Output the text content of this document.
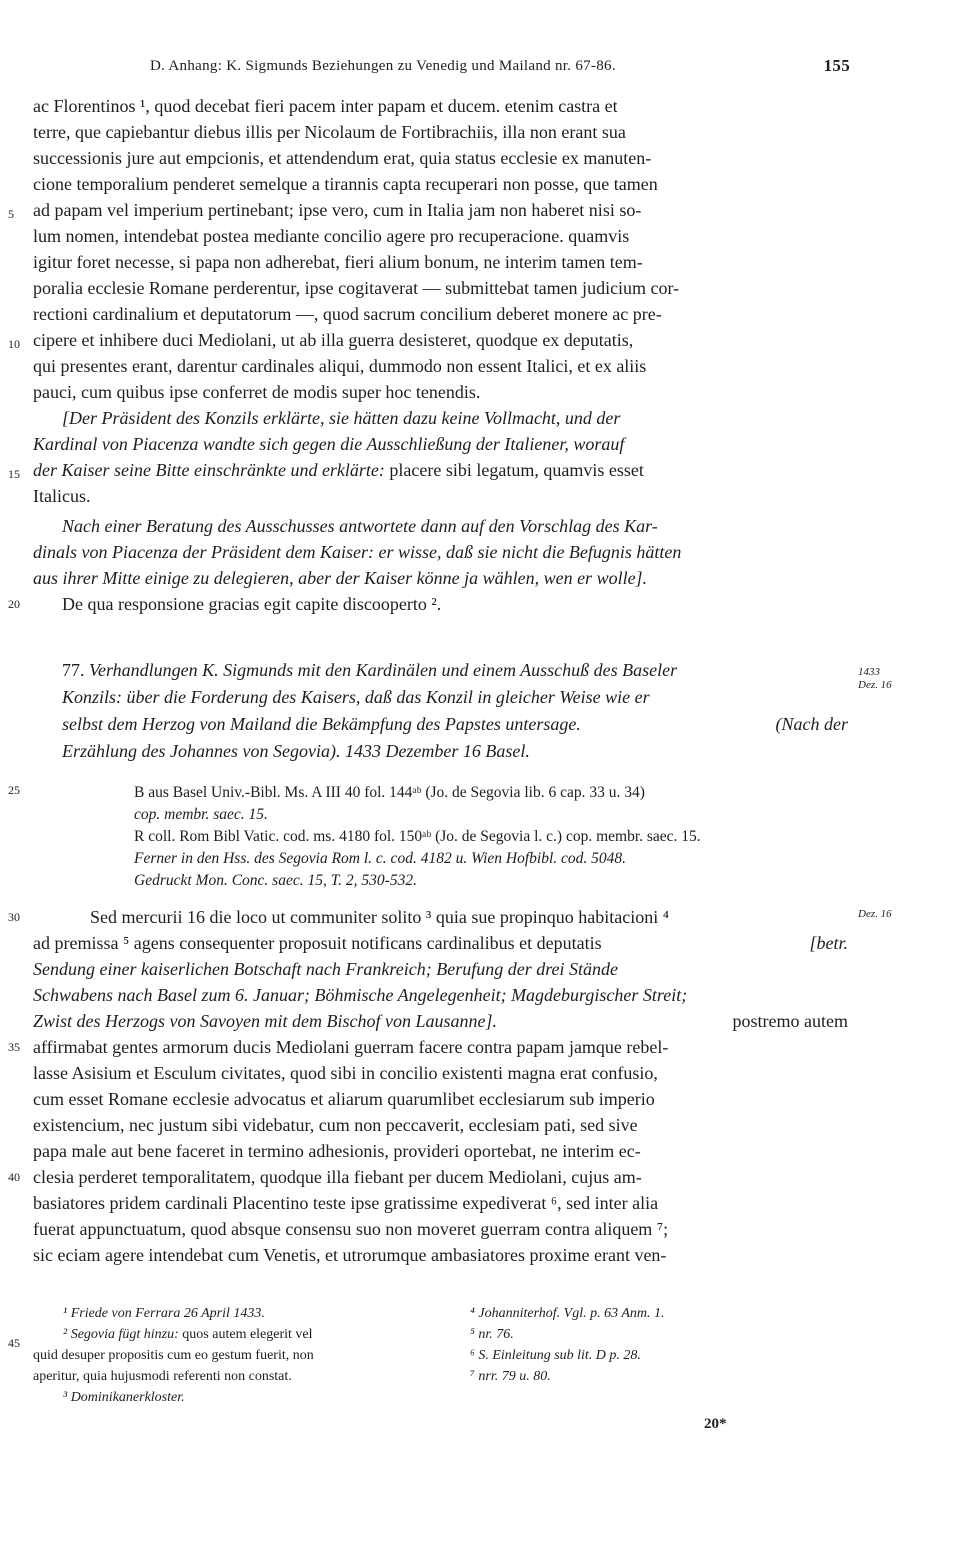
D. Anhang: K. Sigmunds Beziehungen zu Venedig und Mailand nr. 67-86.	155
5
10
15
20
25
30
35
40
45
1433
Dez. 16
Dez. 16
ac Florentinos ¹, quod decebat fieri pacem inter papam et ducem. etenim castra et
terre, que capiebantur diebus illis per Nicolaum de Fortibrachiis, illa non erant sua
successionis jure aut empcionis, et attendendum erat, quia status ecclesie ex manuten-
cione temporalium penderet semelque a tirannis capta recuperari non posse, que tamen
ad papam vel imperium pertinebant; ipse vero, cum in Italia jam non haberet nisi so-
lum nomen, intendebat postea mediante concilio agere pro recuperacione. quamvis
igitur foret necesse, si papa non adherebat, fieri alium bonum, ne interim tamen tem-
poralia ecclesie Romane perderentur, ipse cogitaverat — submittebat tamen judicium cor-
rectioni cardinalium et deputatorum —, quod sacrum concilium deberet monere ac pre-
cipere et inhibere duci Mediolani, ut ab illa guerra desisteret, quodque ex deputatis,
qui presentes erant, darentur cardinales aliqui, dummodo non essent Italici, et ex aliis
pauci, cum quibus ipse conferret de modis super hoc tenendis.
[Der Präsident des Konzils erklärte, sie hätten dazu keine Vollmacht, und der
Kardinal von Piacenza wandte sich gegen die Ausschließung der Italiener, worauf
der Kaiser seine Bitte einschränkte und erklärte: placere sibi legatum, quamvis esset
Italicus.
Nach einer Beratung des Ausschusses antwortete dann auf den Vorschlag des Kar-
dinals von Piacenza der Präsident dem Kaiser: er wisse, daß sie nicht die Befugnis hätten
aus ihrer Mitte einige zu delegieren, aber der Kaiser könne ja wählen, wen er wolle].
De qua responsione gracias egit capite discooperto ².
77. Verhandlungen K. Sigmunds mit den Kardinälen und einem Ausschuß des Baseler
Konzils: über die Forderung des Kaisers, daß das Konzil in gleicher Weise wie er
selbst dem Herzog von Mailand die Bekämpfung des Papstes untersage.	(Nach der
Erzählung des Johannes von Segovia). 1433 Dezember 16 Basel.
B aus Basel Univ.-Bibl. Ms. A III 40 fol. 144ᵃᵇ (Jo. de Segovia lib. 6 cap. 33 u. 34)
cop. membr. saec. 15.
R coll. Rom Bibl Vatic. cod. ms. 4180 fol. 150ᵃᵇ (Jo. de Segovia l. c.) cop. membr. saec. 15.
Ferner in den Hss. des Segovia Rom l. c. cod. 4182 u. Wien Hofbibl. cod. 5048.
Gedruckt Mon. Conc. saec. 15, T. 2, 530-532.
Sed mercurii 16 die loco ut communiter solito ³ quia sue propinquo habitacioni ⁴
ad premissa ⁵ agens consequenter proposuit notificans cardinalibus et deputatis	[betr.
Sendung einer kaiserlichen Botschaft nach Frankreich; Berufung der drei Stände
Schwabens nach Basel zum 6. Januar; Böhmische Angelegenheit; Magdeburgischer Streit;
Zwist des Herzogs von Savoyen mit dem Bischof von Lausanne].	postremo autem
affirmabat gentes armorum ducis Mediolani guerram facere contra papam jamque rebel-
lasse Asisium et Esculum civitates, quod sibi in concilio existenti magna erat confusio,
cum esset Romane ecclesie advocatus et aliarum quarumlibet ecclesiarum sub imperio
existencium, nec justum sibi videbatur, cum non peccaverit, ecclesiam pati, sed sive
papa male aut bene faceret in termino adhesionis, provideri oportebat, ne interim ec-
clesia perderet temporalitatem, quodque illa fiebant per ducem Mediolani, cujus am-
basiatores pridem cardinali Placentino teste ipse gratissime expediverat ⁶, sed inter alia
fuerat appunctuatum, quod absque consensu suo non moveret guerram contra aliquem ⁷;
sic eciam agere intendebat cum Venetis, et utrorumque ambasiatores proxime erant ven-
¹ Friede von Ferrara 26 April 1433.
² Segovia fügt hinzu: quos autem elegerit vel
quid desuper propositis cum eo gestum fuerit, non
aperitur, quia hujusmodi referenti non constat.
³ Dominikanerkloster.
⁴ Johanniterhof. Vgl. p. 63 Anm. 1.
⁵ nr. 76.
⁶ S. Einleitung sub lit. D p. 28.
⁷ nrr. 79 u. 80.
20*
